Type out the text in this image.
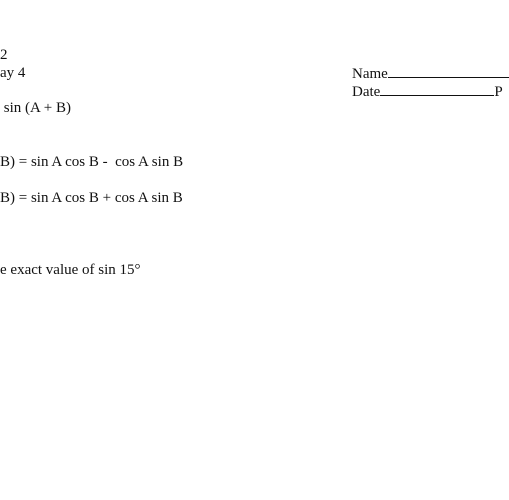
2
ay 4	Name

Date	P

sin (A + B)
B) = sin A cos B -  cos A sin B
B) = sin A cos B + cos A sin B
e exact value of sin 15°
